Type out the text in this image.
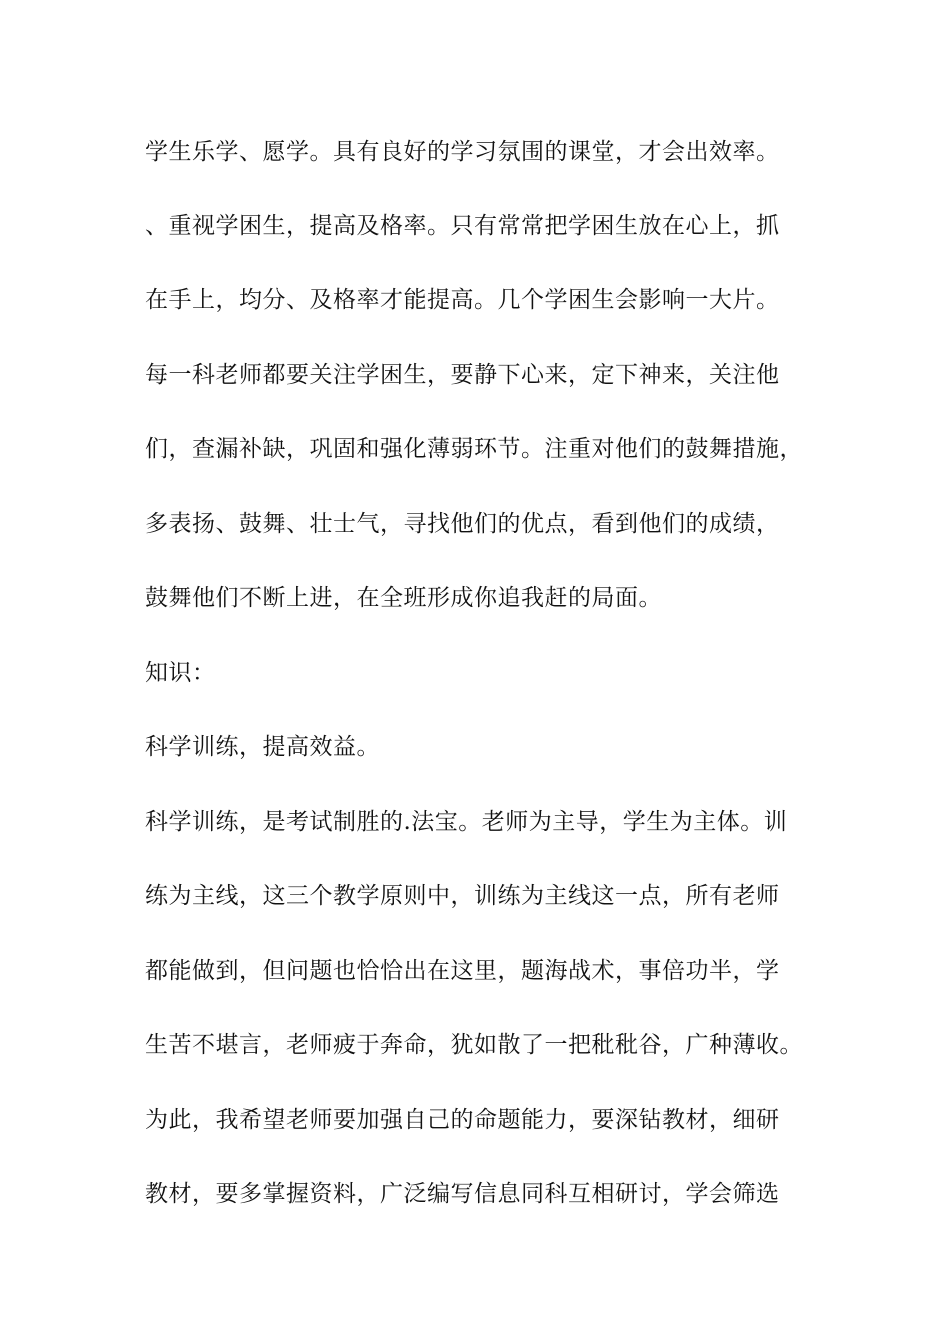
学生乐学、愿学。具有良好的学习氛围的课堂，才会出效率。
、重视学困生，提高及格率。只有常常把学困生放在心上，抓
在手上，均分、及格率才能提高。几个学困生会影响一大片。
每一科老师都要关注学困生，要静下心来，定下神来，关注他
们，查漏补缺，巩固和强化薄弱环节。注重对他们的鼓舞措施，
多表扬、鼓舞、壮士气，寻找他们的优点，看到他们的成绩，
鼓舞他们不断上进，在全班形成你追我赶的局面。
知识：
科学训练，提高效益。
科学训练，是考试制胜的.法宝。老师为主导，学生为主体。训
练为主线，这三个教学原则中，训练为主线这一点，所有老师
都能做到，但问题也恰恰出在这里，题海战术，事倍功半，学
生苦不堪言，老师疲于奔命，犹如散了一把秕秕谷，广种薄收。
为此，我希望老师要加强自己的命题能力，要深钻教材，细研
教材，要多掌握资料，广泛编写信息同科互相研讨，学会筛选
